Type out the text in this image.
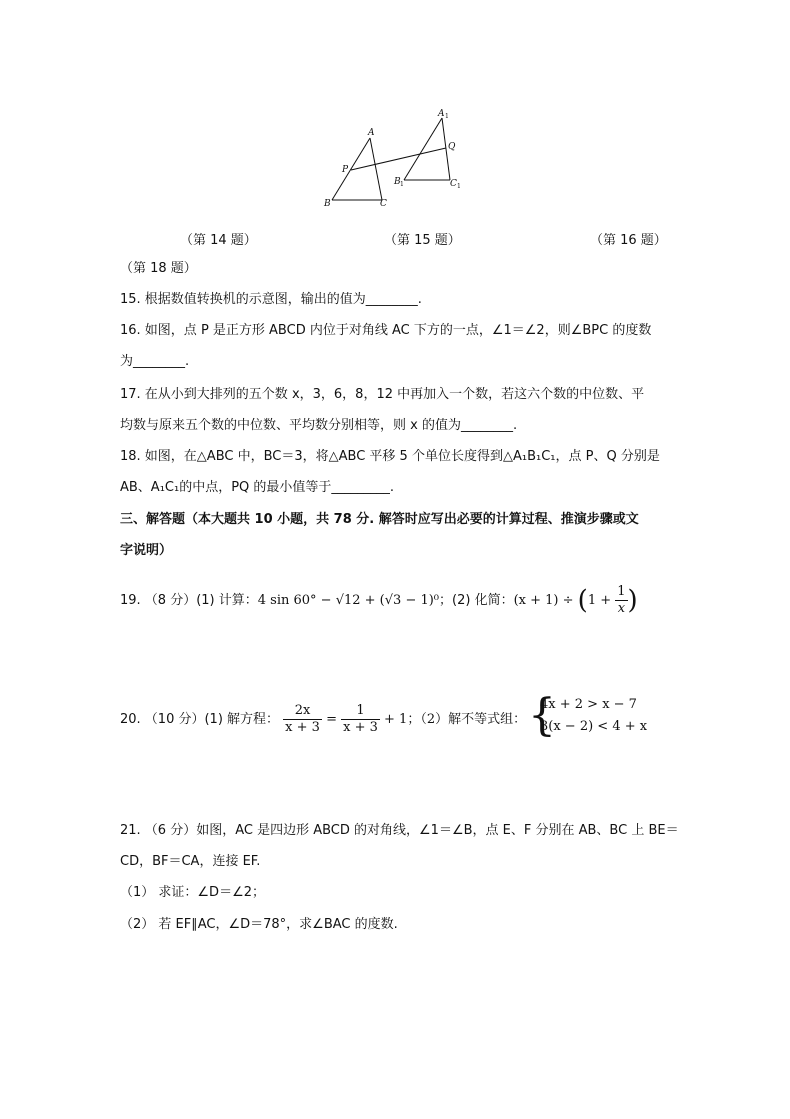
A
P
B	C
A 1
Q
B 1	C 1
（第 14 题）	（第 15 题）	（第 16 题）
（第 18 题）
15. 根据数值转换机的示意图，输出的值为________.
16. 如图，点 P 是正方形 ABCD 内位于对角线 AC 下方的一点，∠1＝∠2，则∠BPC 的度数
为________.
17. 在从小到大排列的五个数 x，3，6，8，12 中再加入一个数，若这六个数的中位数、平
均数与原来五个数的中位数、平均数分别相等，则 x 的值为________.
18. 如图，在△ABC 中，BC＝3，将△ABC 平移 5 个单位长度得到△A₁B₁C₁，点 P、Q 分别是
AB、A₁C₁的中点，PQ 的最小值等于_________.
三、解答题（本大题共 10 小题，共 78 分. 解答时应写出必要的计算过程、推演步骤或文
字说明）
19. （8 分）(1) 计算：4 sin 60° − √12 + (√3 − 1)⁰；(2) 化简：$(x + 1) \div (1 + \frac{1}{x}$ )
20. （10 分）(1) 解方程： $\frac{2x}{x + 3} = \frac{1}{x + 3} + 1$；（2）解不等式组： {
4x + 2 > x − 7
3(x − 2) < 4 + x
21. （6 分）如图，AC 是四边形 ABCD 的对角线，∠1＝∠B，点 E、F 分别在 AB、BC 上 BE＝
CD，BF＝CA，连接 EF.
（1） 求证：∠D＝∠2；
（2） 若 EF∥AC，∠D＝78°，求∠BAC 的度数.
